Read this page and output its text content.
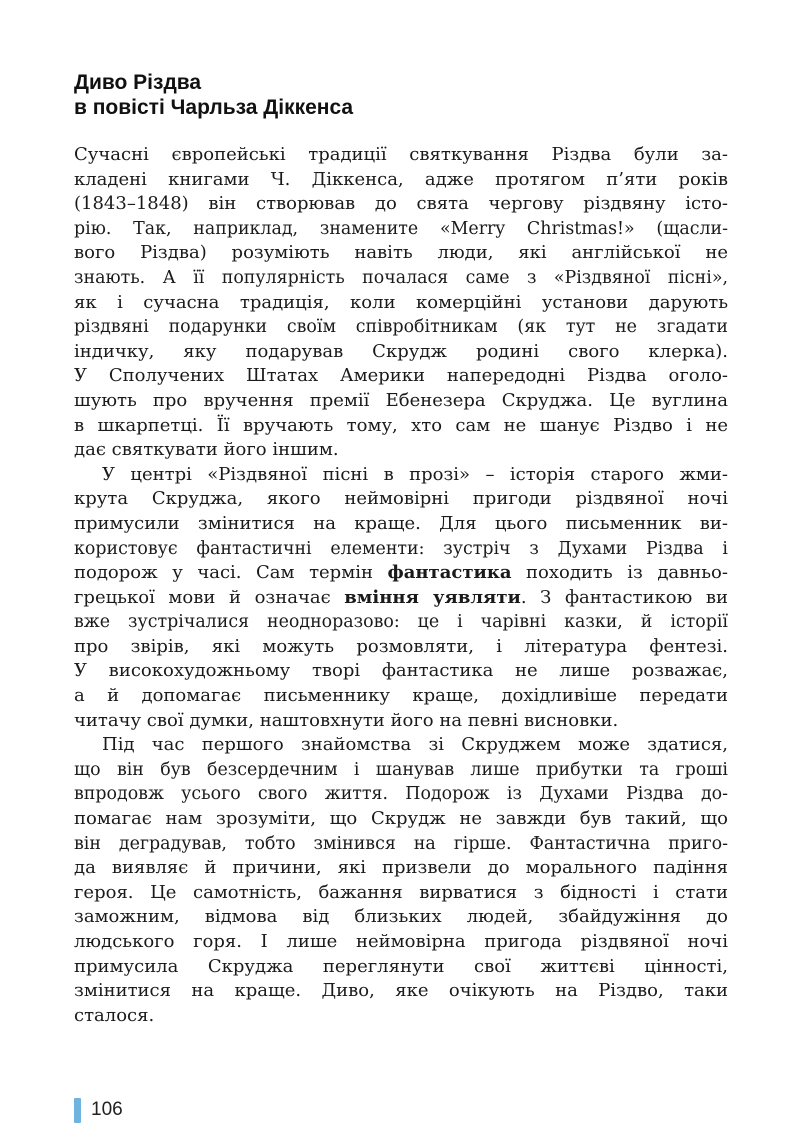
Диво Різдва
в повісті Чарльза Діккенса

Сучасні європейські традиції святкування Різдва були за-
кладені книгами Ч. Діккенса, адже протягом п’яти років
(1843–1848) він створював до свята чергову різдвяну істо-
рію. Так, наприклад, знамените «Merry Christmas!» (щасли-
вого Різдва) розуміють навіть люди, які англійської не
знають. А її популярність почалася саме з «Різдвяної пісні»,
як і сучасна традиція, коли комерційні установи дарують
різдвяні подарунки своїм співробітникам (як тут не згадати
індичку, яку подарував Скрудж родині свого клерка).
У Сполучених Штатах Америки напередодні Різдва оголо-
шують про вручення премії Ебенезера Скруджа. Це вуглина
в шкарпетці. Її вручають тому, хто сам не шанує Різдво і не
дає святкувати його іншим.

У центрі «Різдвяної пісні в прозі» – історія старого жми-
крута Скруджа, якого неймовірні пригоди різдвяної ночі
примусили змінитися на краще. Для цього письменник ви-
користовує фантастичні елементи: зустріч з Духами Різдва і
подорож у часі. Сам термін фантастика походить із давньо-
грецької мови й означає вміння уявляти. З фантастикою ви
вже зустрічалися неодноразово: це і чарівні казки, й історії
про звірів, які можуть розмовляти, і література фентезі.
У високохудожньому творі фантастика не лише розважає,
а й допомагає письменнику краще, дохідливіше передати
читачу свої думки, наштовхнути його на певні висновки.

Під час першого знайомства зі Скруджем може здатися,
що він був безсердечним і шанував лише прибутки та гроші
впродовж усього свого життя. Подорож із Духами Різдва до-
помагає нам зрозуміти, що Скрудж не завжди був такий, що
він деградував, тобто змінився на гірше. Фантастична приго-
да виявляє й причини, які призвели до морального падіння
героя. Це самотність, бажання вирватися з бідності і стати
заможним, відмова від близьких людей, збайдужіння до
людського горя. І лише неймовірна пригода різдвяної ночі
примусила Скруджа переглянути свої життєві цінності,
змінитися на краще. Диво, яке очікують на Різдво, таки
сталося.

106
